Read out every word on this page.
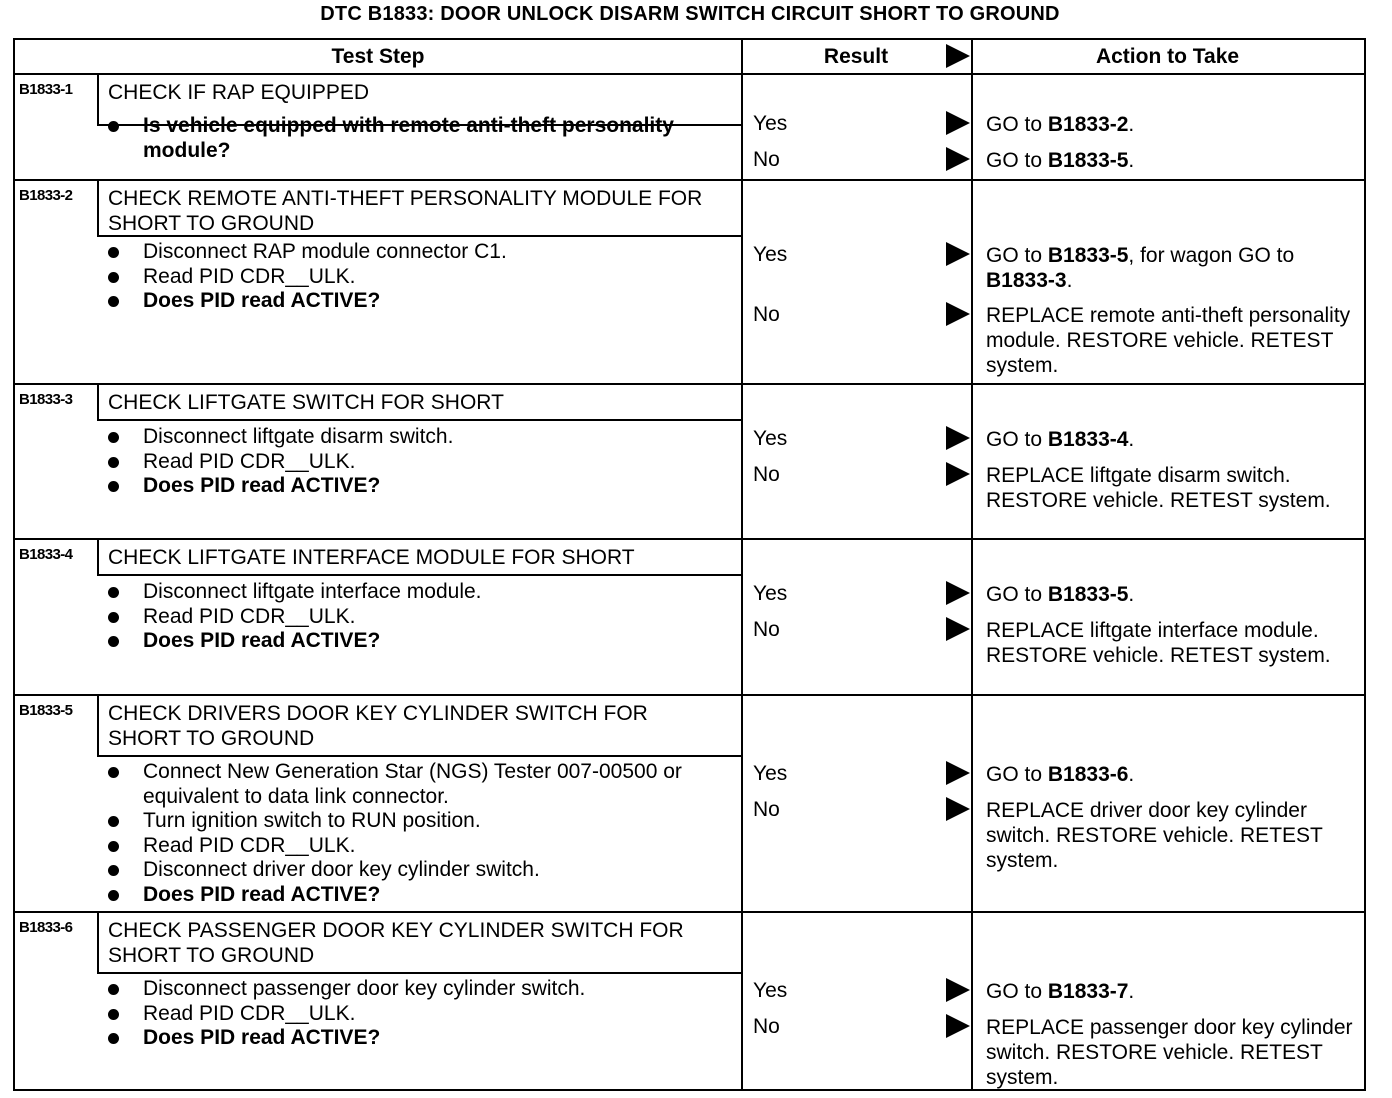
DTC B1833: DOOR UNLOCK DISARM SWITCH CIRCUIT SHORT TO GROUND
Test Step	Result	Action to Take
B1833-1	CHECK IF RAP EQUIPPED
Is vehicle equipped with remote anti-theft personality module?
Yes	GO to B1833-2.
No	GO to B1833-5.
B1833-2	CHECK REMOTE ANTI-THEFT PERSONALITY MODULE FOR SHORT TO GROUND
Disconnect RAP module connector C1.
Read PID CDR__ULK.
Does PID read ACTIVE?
Yes	GO to B1833-5, for wagon GO to B1833-3.
No	REPLACE remote anti-theft personality module. RESTORE vehicle. RETEST system.
B1833-3	CHECK LIFTGATE SWITCH FOR SHORT
Disconnect liftgate disarm switch.
Read PID CDR__ULK.
Does PID read ACTIVE?
Yes	GO to B1833-4.
No	REPLACE liftgate disarm switch. RESTORE vehicle. RETEST system.
B1833-4	CHECK LIFTGATE INTERFACE MODULE FOR SHORT
Disconnect liftgate interface module.
Read PID CDR__ULK.
Does PID read ACTIVE?
Yes	GO to B1833-5.
No	REPLACE liftgate interface module. RESTORE vehicle. RETEST system.
B1833-5	CHECK DRIVERS DOOR KEY CYLINDER SWITCH FOR SHORT TO GROUND
Connect New Generation Star (NGS) Tester 007-00500 or equivalent to data link connector.
Turn ignition switch to RUN position.
Read PID CDR__ULK.
Disconnect driver door key cylinder switch.
Does PID read ACTIVE?
Yes	GO to B1833-6.
No	REPLACE driver door key cylinder switch. RESTORE vehicle. RETEST system.
B1833-6	CHECK PASSENGER DOOR KEY CYLINDER SWITCH FOR SHORT TO GROUND
Disconnect passenger door key cylinder switch.
Read PID CDR__ULK.
Does PID read ACTIVE?
Yes	GO to B1833-7.
No	REPLACE passenger door key cylinder switch. RESTORE vehicle. RETEST system.
